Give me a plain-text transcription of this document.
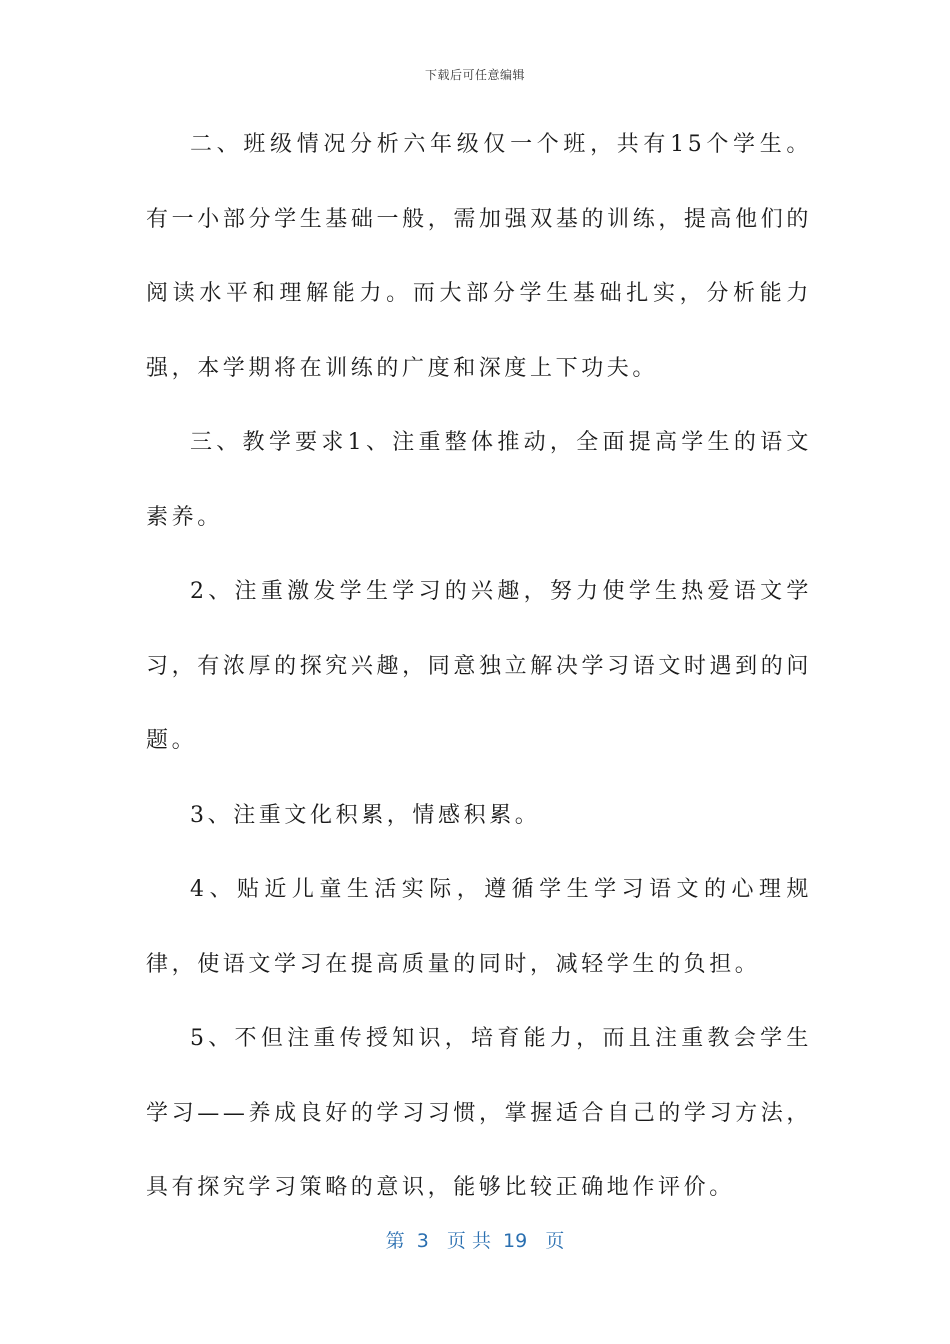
下载后可任意编辑

二、班级情况分析六年级仅一个班，共有15个学生。有一小部分学生基础一般，需加强双基的训练，提高他们的阅读水平和理解能力。而大部分学生基础扎实，分析能力强，本学期将在训练的广度和深度上下功夫。

三、教学要求1、注重整体推动，全面提高学生的语文素养。

2、注重激发学生学习的兴趣，努力使学生热爱语文学习，有浓厚的探究兴趣，同意独立解决学习语文时遇到的问题。

3、注重文化积累，情感积累。

4、贴近儿童生活实际，遵循学生学习语文的心理规律，使语文学习在提高质量的同时，减轻学生的负担。

5、不但注重传授知识，培育能力，而且注重教会学生学习——养成良好的学习习惯，掌握适合自己的学习方法，具有探究学习策略的意识，能够比较正确地作评价。

第  3   页 共  19   页
